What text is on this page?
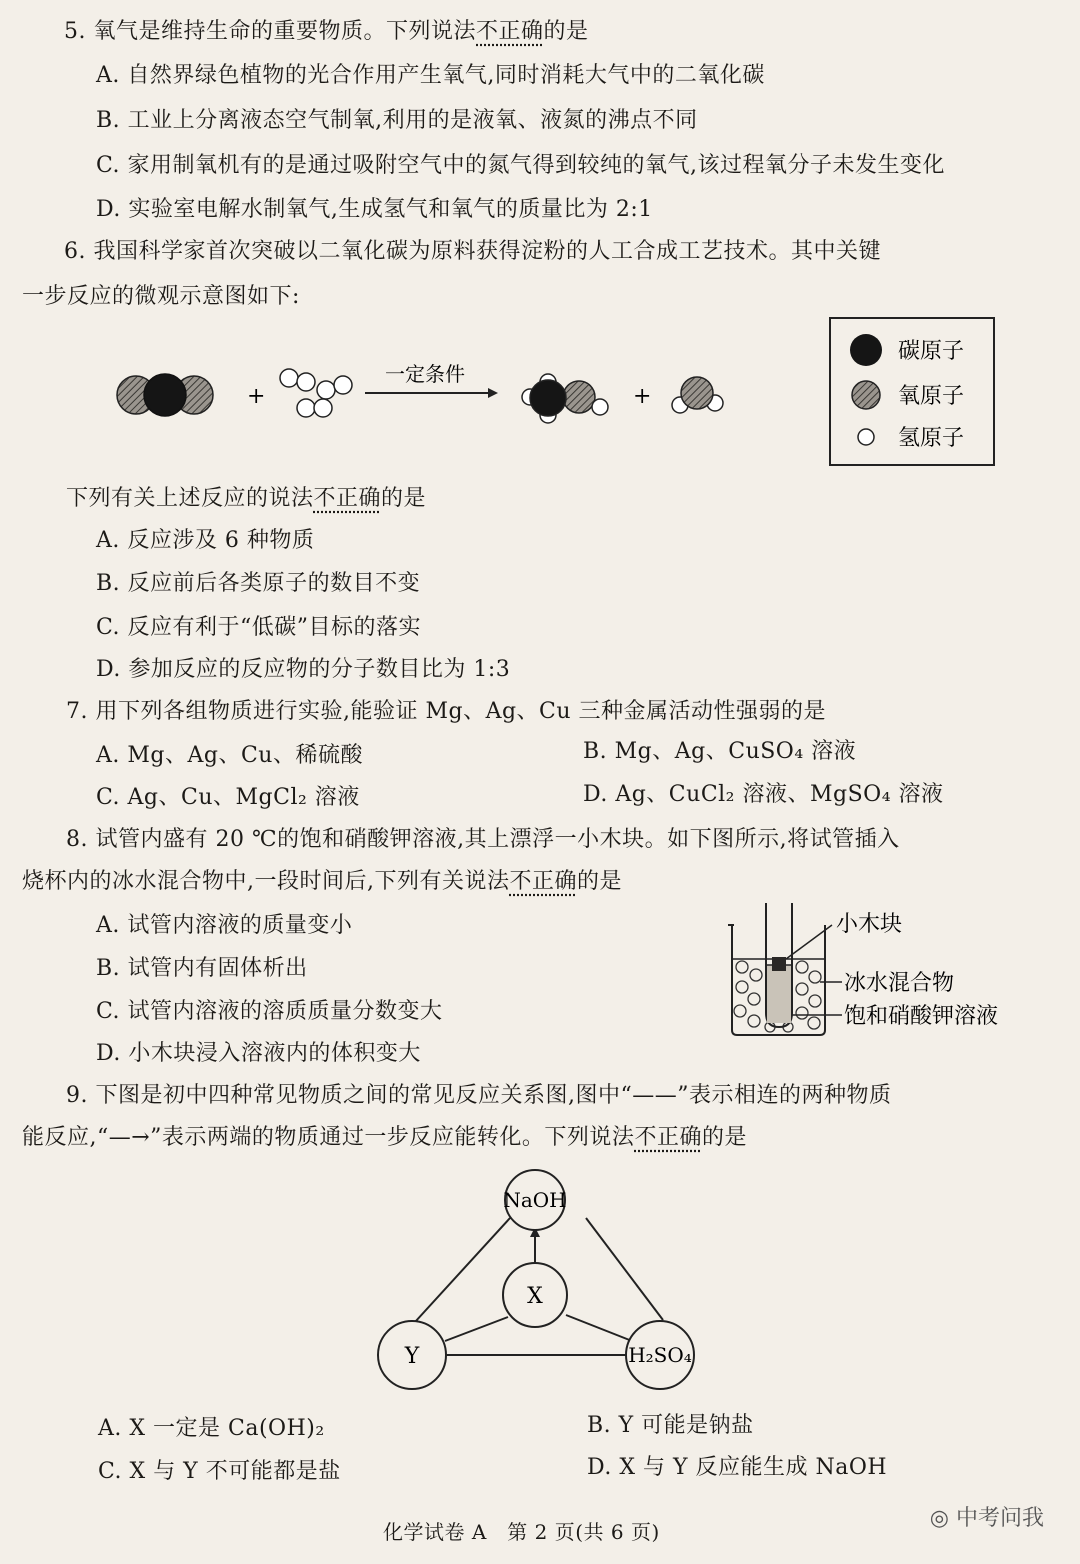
5. 氧气是维持生命的重要物质。下列说法不正确的是
A. 自然界绿色植物的光合作用产生氧气,同时消耗大气中的二氧化碳
B. 工业上分离液态空气制氧,利用的是液氧、液氮的沸点不同
C. 家用制氧机有的是通过吸附空气中的氮气得到较纯的氧气,该过程氧分子未发生变化
D. 实验室电解水制氧气,生成氢气和氧气的质量比为 2:1
6. 我国科学家首次突破以二氧化碳为原料获得淀粉的人工合成工艺技术。其中关键
一步反应的微观示意图如下:
+
一定条件
+
碳原子
氧原子
氢原子
下列有关上述反应的说法不正确的是
A. 反应涉及 6 种物质
B. 反应前后各类原子的数目不变
C. 反应有利于“低碳”目标的落实
D. 参加反应的反应物的分子数目比为 1:3
7. 用下列各组物质进行实验,能验证 Mg、Ag、Cu 三种金属活动性强弱的是
A. Mg、Ag、Cu、稀硫酸	B. Mg、Ag、CuSO₄ 溶液
C. Ag、Cu、MgCl₂ 溶液	D. Ag、CuCl₂ 溶液、MgSO₄ 溶液
8. 试管内盛有 20 ℃的饱和硝酸钾溶液,其上漂浮一小木块。如下图所示,将试管插入
烧杯内的冰水混合物中,一段时间后,下列有关说法不正确的是
A. 试管内溶液的质量变小
B. 试管内有固体析出
C. 试管内溶液的溶质质量分数变大
D. 小木块浸入溶液内的体积变大
小木块
冰水混合物
饱和硝酸钾溶液
9. 下图是初中四种常见物质之间的常见反应关系图,图中“——”表示相连的两种物质
能反应,“—→”表示两端的物质通过一步反应能转化。下列说法不正确的是
NaOH
X
Y	H₂SO₄
A. X 一定是 Ca(OH)₂	B. Y 可能是钠盐
C. X 与 Y 不可能都是盐	D. X 与 Y 反应能生成 NaOH
化学试卷 A　第 2 页(共 6 页)
◎ 中考问我
